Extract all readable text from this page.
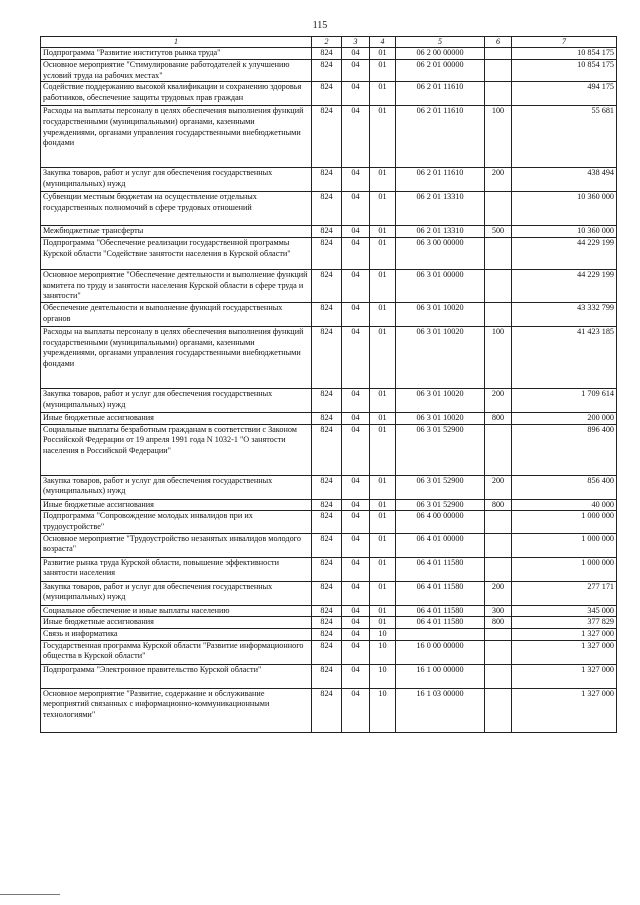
115
1	2	3	4	5	6	7
Подпрограмма "Развитие институтов рынка труда"	824	04	01	06 2 00 00000		10 854 175
Основное мероприятие "Стимулирование работодателей к улучшению условий труда на рабочих местах"	824	04	01	06 2 01 00000		10 854 175
Содействие поддержанию высокой квалификации и сохранению здоровья работников, обеспечение защиты трудовых прав граждан	824	04	01	06 2 01 11610		494 175
Расходы на выплаты персоналу в целях обеспечения выполнения функций государственными (муниципальными) органами, казенными учреждениями, органами управления государственными внебюджетными фондами	824	04	01	06 2 01 11610	100	55 681
Закупка товаров, работ и услуг для обеспечения государственных (муниципальных) нужд	824	04	01	06 2 01 11610	200	438 494
Субвенции местным бюджетам на осуществление отдельных государственных полномочий в сфере трудовых отношений	824	04	01	06 2 01 13310		10 360 000
Межбюджетные трансферты	824	04	01	06 2 01 13310	500	10 360 000
Подпрограмма "Обеспечение реализации государственной программы Курской области "Содействие занятости населения в Курской области"	824	04	01	06 3 00 00000		44 229 199
Основное мероприятие "Обеспечение деятельности и выполнение функций комитета по труду и занятости населения Курской области в сфере труда и занятости"	824	04	01	06 3 01 00000		44 229 199
Обеспечение деятельности и выполнение функций государственных органов	824	04	01	06 3 01 10020		43 332 799
Расходы на выплаты персоналу в целях обеспечения выполнения функций государственными (муниципальными) органами, казенными учреждениями, органами управления государственными внебюджетными фондами	824	04	01	06 3 01 10020	100	41 423 185
Закупка товаров, работ и услуг для обеспечения государственных (муниципальных) нужд	824	04	01	06 3 01 10020	200	1 709 614
Иные бюджетные ассигнования	824	04	01	06 3 01 10020	800	200 000
Социальные выплаты безработным гражданам в соответствии с Законом Российской Федерации от 19 апреля 1991 года N 1032-1 "О занятости населения в Российской Федерации"	824	04	01	06 3 01 52900		896 400
Закупка товаров, работ и услуг для обеспечения государственных (муниципальных) нужд	824	04	01	06 3 01 52900	200	856 400
Иные бюджетные ассигнования	824	04	01	06 3 01 52900	800	40 000
Подпрограмма "Сопровождение молодых инвалидов при их трудоустройстве"	824	04	01	06 4 00 00000		1 000 000
Основное мероприятие "Трудоустройство незанятых инвалидов молодого возраста"	824	04	01	06 4 01 00000		1 000 000
Развитие рынка труда Курской области, повышение эффективности занятости населения	824	04	01	06 4 01 11580		1 000 000
Закупка товаров, работ и услуг для обеспечения государственных (муниципальных) нужд	824	04	01	06 4 01 11580	200	277 171
Социальное обеспечение и иные выплаты населению	824	04	01	06 4 01 11580	300	345 000
Иные бюджетные ассигнования	824	04	01	06 4 01 11580	800	377 829
Связь и информатика	824	04	10			1 327 000
Государственная программа Курской области "Развитие информационного общества в Курской области"	824	04	10	16 0 00 00000		1 327 000
Подпрограмма "Электронное правительство Курской области"	824	04	10	16 1 00 00000		1 327 000
Основное мероприятие "Развитие, содержание и обслуживание мероприятий связанных с информационно-коммуникационными технологиями"	824	04	10	16 1 03 00000		1 327 000
